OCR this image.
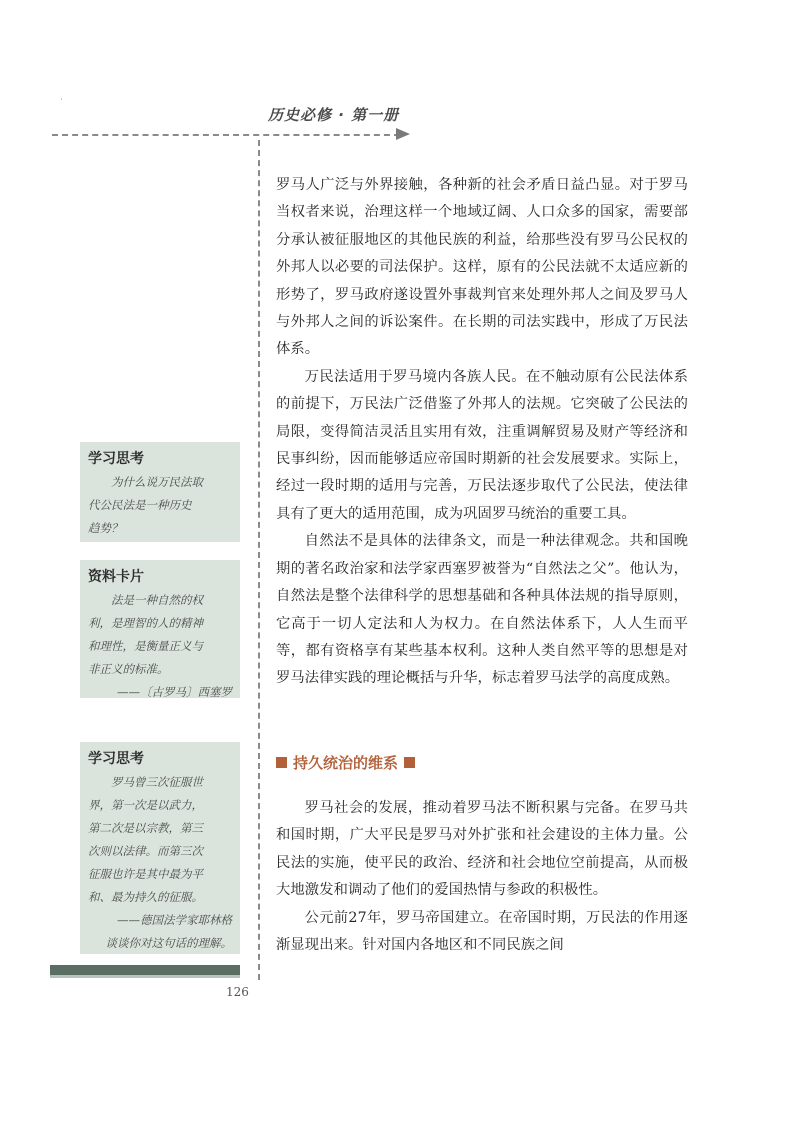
·
历史必修 · 第一册
学习思考

为什么说万民法取

代公民法是一种历史

趋势？

资料卡片

法是一种自然的权

利，是理智的人的精神

和理性，是衡量正义与

非正义的标准。

——〔古罗马〕西塞罗

学习思考

罗马曾三次征服世

界，第一次是以武力，

第二次是以宗教，第三

次则以法律。而第三次

征服也许是其中最为平

和、最为持久的征服。

——德国法学家耶林格

谈谈你对这句话的理解。

罗马人广泛与外界接触，各种新的社会矛盾日益凸显。对于罗马当权者来说，治理这样一个地域辽阔、人口众多的国家，需要部分承认被征服地区的其他民族的利益，给那些没有罗马公民权的外邦人以必要的司法保护。这样，原有的公民法就不太适应新的形势了，罗马政府遂设置外事裁判官来处理外邦人之间及罗马人与外邦人之间的诉讼案件。在长期的司法实践中，形成了万民法体系。

万民法适用于罗马境内各族人民。在不触动原有公民法体系的前提下，万民法广泛借鉴了外邦人的法规。它突破了公民法的局限，变得简洁灵活且实用有效，注重调解贸易及财产等经济和民事纠纷，因而能够适应帝国时期新的社会发展要求。实际上，经过一段时期的适用与完善，万民法逐步取代了公民法，使法律具有了更大的适用范围，成为巩固罗马统治的重要工具。

自然法不是具体的法律条文，而是一种法律观念。共和国晚期的著名政治家和法学家西塞罗被誉为“自然法之父”。他认为，自然法是整个法律科学的思想基础和各种具体法规的指导原则，它高于一切人定法和人为权力。在自然法体系下，人人生而平等，都有资格享有某些基本权利。这种人类自然平等的思想是对罗马法律实践的理论概括与升华，标志着罗马法学的高度成熟。

持久统治的维系

罗马社会的发展，推动着罗马法不断积累与完备。在罗马共和国时期，广大平民是罗马对外扩张和社会建设的主体力量。公民法的实施，使平民的政治、经济和社会地位空前提高，从而极大地激发和调动了他们的爱国热情与参政的积极性。

公元前27年，罗马帝国建立。在帝国时期，万民法的作用逐渐显现出来。针对国内各地区和不同民族之间

126
